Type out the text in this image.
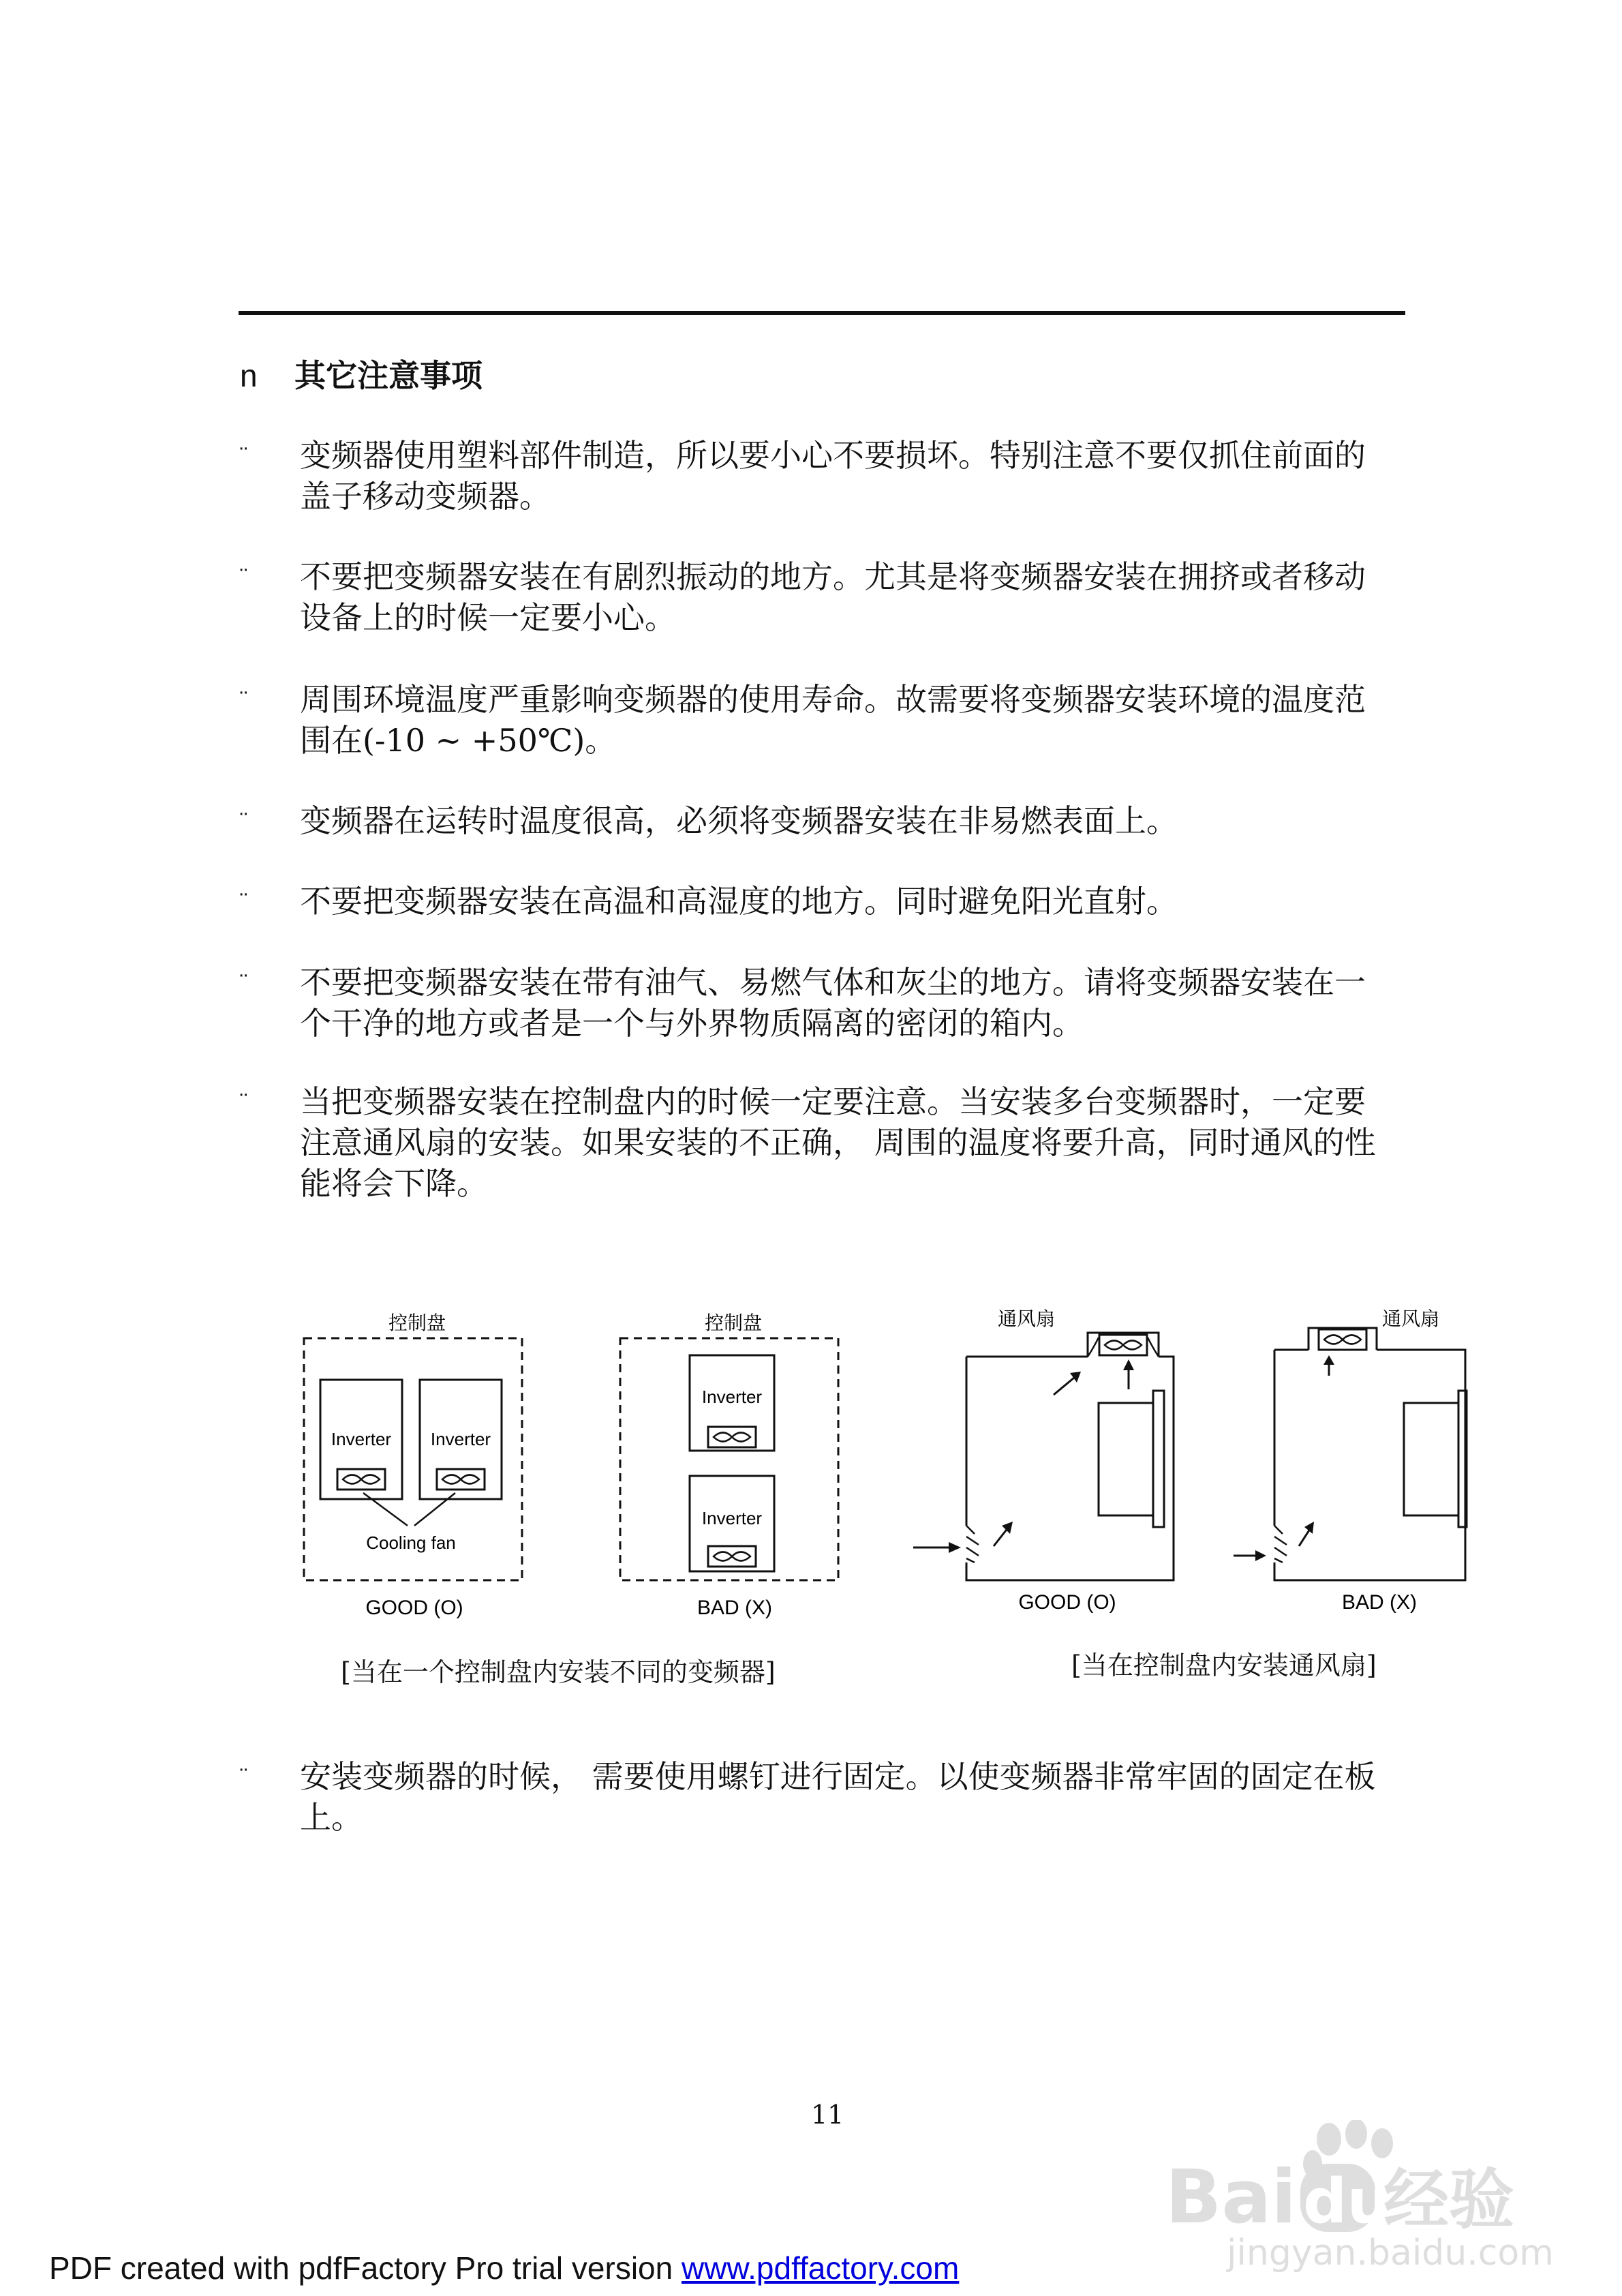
n 其它注意事项
¨ 变频器使用塑料部件制造，所以要小心不要损坏。特别注意不要仅抓住前面的
盖子移动变频器。
¨ 不要把变频器安装在有剧烈振动的地方。尤其是将变频器安装在拥挤或者移动
设备上的时候一定要小心。
¨ 周围环境温度严重影响变频器的使用寿命。故需要将变频器安装环境的温度范
围在(-10 ~ +50℃)。
¨ 变频器在运转时温度很高，必须将变频器安装在非易燃表面上。
¨ 不要把变频器安装在高温和高湿度的地方。同时避免阳光直射。
¨ 不要把变频器安装在带有油气、易燃气体和灰尘的地方。请将变频器安装在一
个干净的地方或者是一个与外界物质隔离的密闭的箱内。
¨ 当把变频器安装在控制盘内的时候一定要注意。当安装多台变频器时，一定要
注意通风扇的安装。如果安装的不正确， 周围的温度将要升高，同时通风的性
能将会下降。
¨ 安装变频器的时候， 需要使用螺钉进行固定。以使变频器非常牢固的固定在板
上。
控制盘
Inverter Inverter
Cooling fan
GOOD (O)
控制盘
Inverter
Inverter
BAD (X)
通风扇
GOOD (O)
通风扇
BAD (X)
[当在一个控制盘内安装不同的变频器]	[当在控制盘内安装通风扇]
11
Bai du
经验
jingyan.baidu.com
PDF created with pdfFactory Pro trial version www.pdffactory.com
